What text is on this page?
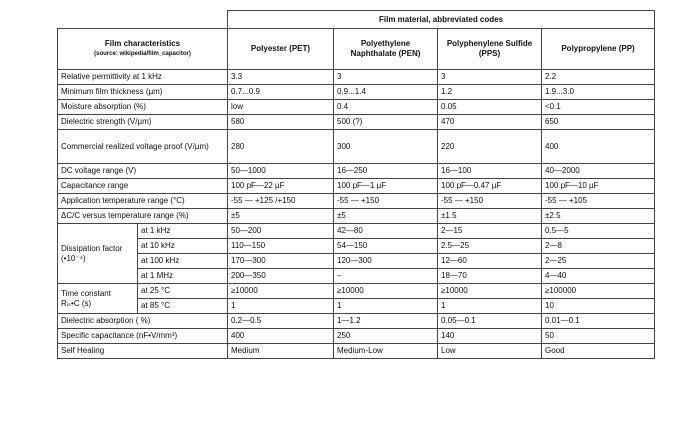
		Film material, abbreviated codes			

Film characteristics
(source: wikipedia/film_capacitor)		Polyester (PET)	Polyethylene Naphthalate (PEN)	Polyphenylene Sulfide (PPS)	Polypropylene (PP)
Relative permittivity at 1 kHz		3.3	3	3	2.2
Minimum film thickness (µm)		0.7...0.9	0.9...1.4	1.2	1.9...3.0
Moisture absorption (%)		low	0.4	0.05	<0.1
Dielectric strength (V/µm)		580	500 (?)	470	650
Commercial realized voltage proof (V/µm)		280	300	220	400
DC voltage range (V)		50—1000	16—250	16—100	40—2000
Capacitance range		100 pF—22 µF	100 pF—1 µF	100 pF—0.47 µF	100 pF—10 µF
Application temperature range (°C)		-55 — +125 /+150	-55 — +150	-55 — +150	-55 — +105
ΔC/C versus temperature range (%)		±5	±5	±1.5	±2.5
Dissipation factor
(•10⁻⁴)	at 1 kHz	50—200	42—80	2—15	0.5—5
	at 10 kHz	110—150	54—150	2.5—25	2—8
	at 100 kHz	170—300	120—300	12—60	2—25
	at 1 MHz	200—350	–	18—70	4—40
Time constant
Rᵢₛ•C (s)	at 25 °C	≥10000	≥10000	≥10000	≥100000
	at 85 °C	1	1	1	10
Dielectric absorption ( %)		0.2—0.5	1—1.2	0.05—0.1	0.01—0.1
Specific capacitance (nF•V/mm³)		400	250	140	50
Self Healing		Medium	Medium-Low	Low	Good
